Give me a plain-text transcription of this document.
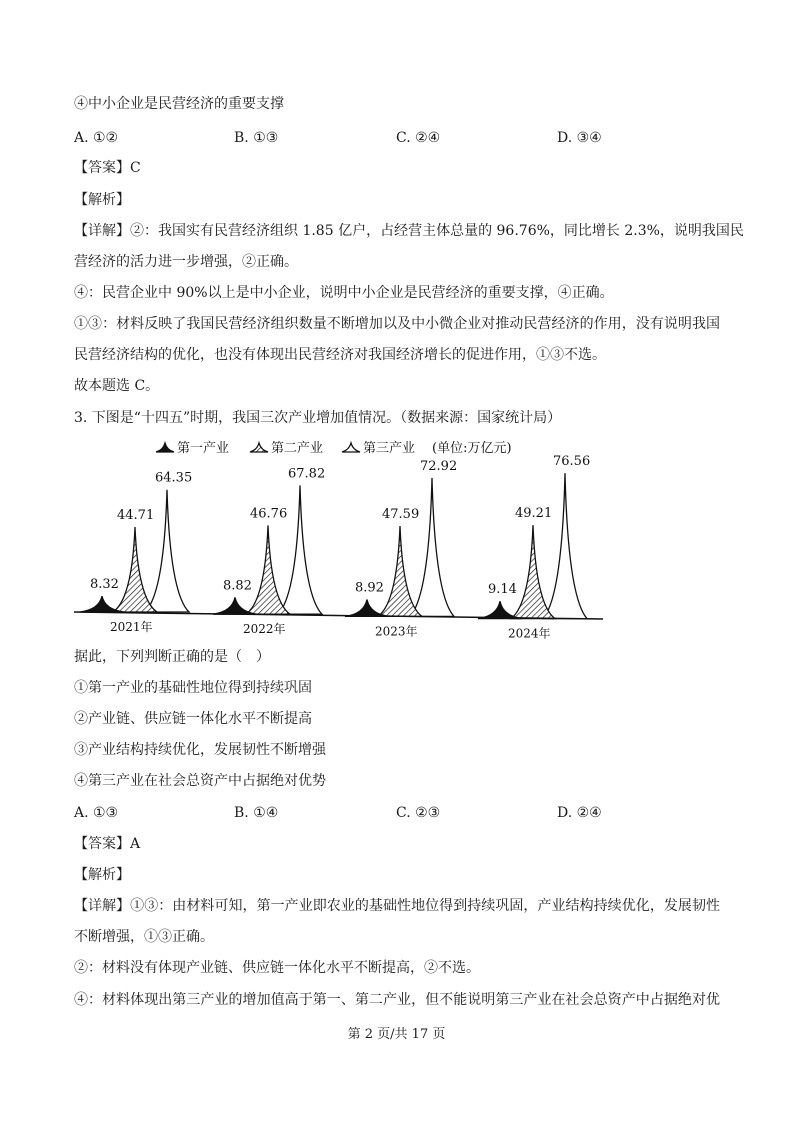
④中小企业是民营经济的重要支撑
A. ①②	B. ①③	C. ②④	D. ③④
【答案】C
【解析】
【详解】②：我国实有民营经济组织 1.85 亿户，占经营主体总量的 96.76%，同比增长 2.3%，说明我国民
营经济的活力进一步增强，②正确。
④：民营企业中 90%以上是中小企业，说明中小企业是民营经济的重要支撑，④正确。
①③：材料反映了我国民营经济组织数量不断增加以及中小微企业对推动民营经济的作用，没有说明我国
民营经济结构的优化，也没有体现出民营经济对我国经济增长的促进作用，①③不选。
故本题选 C。
3. 下图是“十四五”时期，我国三次产业增加值情况。（数据来源：国家统计局）
第一产业	第二产业	第三产业 (单位:万亿元)
64.35
44.71
8.32
67.82
46.76
8.82
72.92
47.59
8.92
76.56
49.21
9.14
2021年	2022年	2023年	2024年
据此，下列判断正确的是（　）
①第一产业的基础性地位得到持续巩固
②产业链、供应链一体化水平不断提高
③产业结构持续优化，发展韧性不断增强
④第三产业在社会总资产中占据绝对优势
A. ①③	B. ①④	C. ②③	D. ②④
【答案】A
【解析】
【详解】①③：由材料可知，第一产业即农业的基础性地位得到持续巩固，产业结构持续优化，发展韧性
不断增强，①③正确。
②：材料没有体现产业链、供应链一体化水平不断提高，②不选。
④：材料体现出第三产业的增加值高于第一、第二产业，但不能说明第三产业在社会总资产中占据绝对优
第 2 页/共 17 页
